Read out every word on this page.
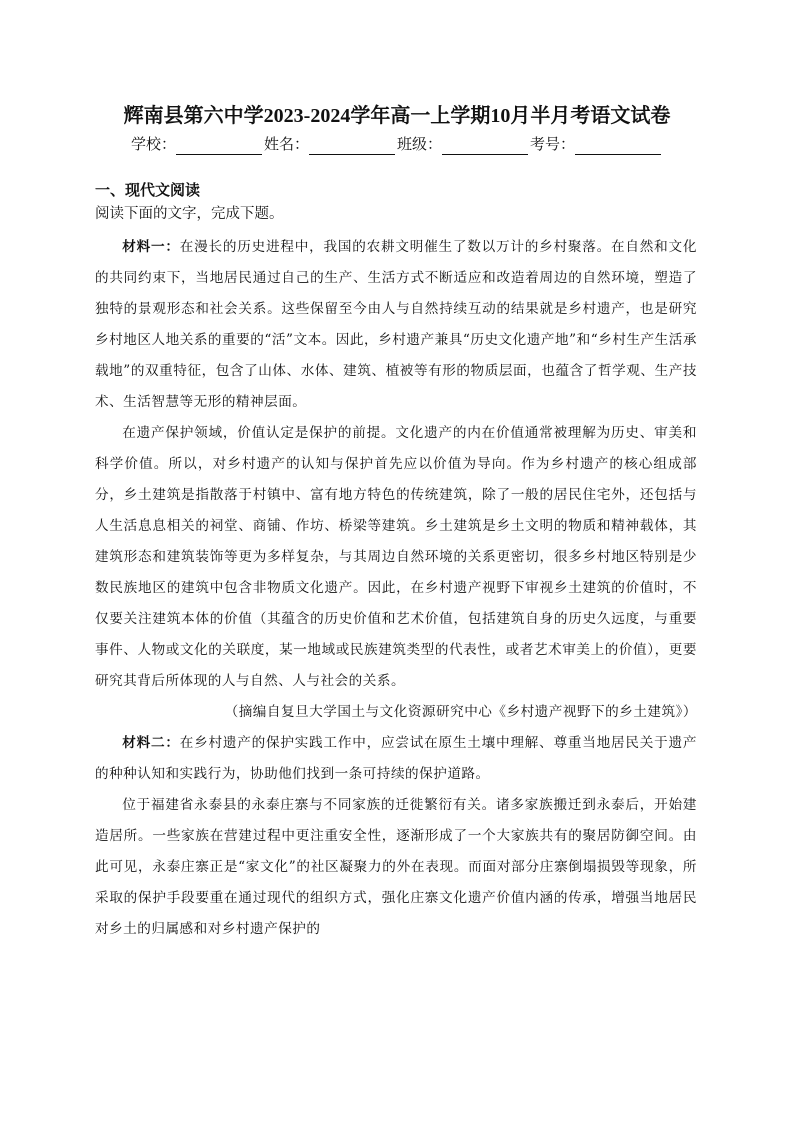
辉南县第六中学2023-2024学年高一上学期10月半月考语文试卷
学校：	姓名：	班级：	考号：
一、现代文阅读
阅读下面的文字，完成下题。

材料一：在漫长的历史进程中，我国的农耕文明催生了数以万计的乡村聚落。在自然和文化的共同约束下，当地居民通过自己的生产、生活方式不断适应和改造着周边的自然环境，塑造了独特的景观形态和社会关系。这些保留至今由人与自然持续互动的结果就是乡村遗产，也是研究乡村地区人地关系的重要的“活”文本。因此，乡村遗产兼具“历史文化遗产地”和“乡村生产生活承载地”的双重特征，包含了山体、水体、建筑、植被等有形的物质层面，也蕴含了哲学观、生产技术、生活智慧等无形的精神层面。

在遗产保护领域，价值认定是保护的前提。文化遗产的内在价值通常被理解为历史、审美和科学价值。所以，对乡村遗产的认知与保护首先应以价值为导向。作为乡村遗产的核心组成部分，乡土建筑是指散落于村镇中、富有地方特色的传统建筑，除了一般的居民住宅外，还包括与人生活息息相关的祠堂、商铺、作坊、桥梁等建筑。乡土建筑是乡土文明的物质和精神载体，其建筑形态和建筑装饰等更为多样复杂，与其周边自然环境的关系更密切，很多乡村地区特别是少数民族地区的建筑中包含非物质文化遗产。因此，在乡村遗产视野下审视乡土建筑的价值时，不仅要关注建筑本体的价值（其蕴含的历史价值和艺术价值，包括建筑自身的历史久远度，与重要事件、人物或文化的关联度，某一地域或民族建筑类型的代表性，或者艺术审美上的价值），更要研究其背后所体现的人与自然、人与社会的关系。

（摘编自复旦大学国土与文化资源研究中心《乡村遗产视野下的乡土建筑》）

材料二：在乡村遗产的保护实践工作中，应尝试在原生土壤中理解、尊重当地居民关于遗产的种种认知和实践行为，协助他们找到一条可持续的保护道路。

位于福建省永泰县的永泰庄寨与不同家族的迁徙繁衍有关。诸多家族搬迁到永泰后，开始建造居所。一些家族在营建过程中更注重安全性，逐渐形成了一个大家族共有的聚居防御空间。由此可见，永泰庄寨正是“家文化”的社区凝聚力的外在表现。而面对部分庄寨倒塌损毁等现象，所采取的保护手段要重在通过现代的组织方式，强化庄寨文化遗产价值内涵的传承，增强当地居民对乡土的归属感和对乡村遗产保护的
